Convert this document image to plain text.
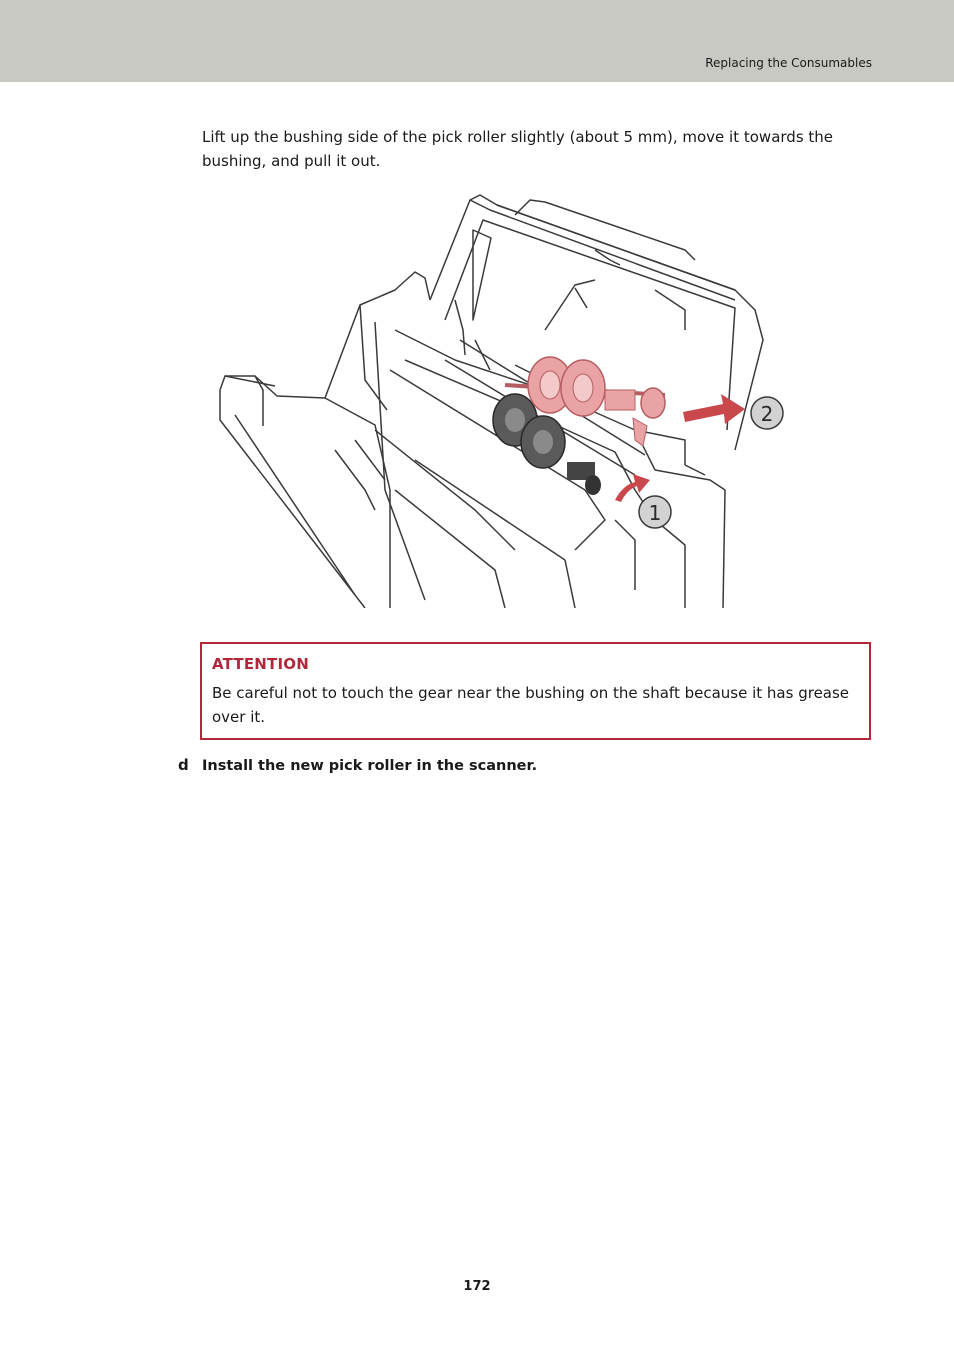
Replacing the Consumables
Lift up the bushing side of the pick roller slightly (about 5 mm), move it towards the bushing, and pull it out.
2
1
ATTENTION
Be careful not to touch the gear near the bushing on the shaft because it has grease over it.
d Install the new pick roller in the scanner.
172
